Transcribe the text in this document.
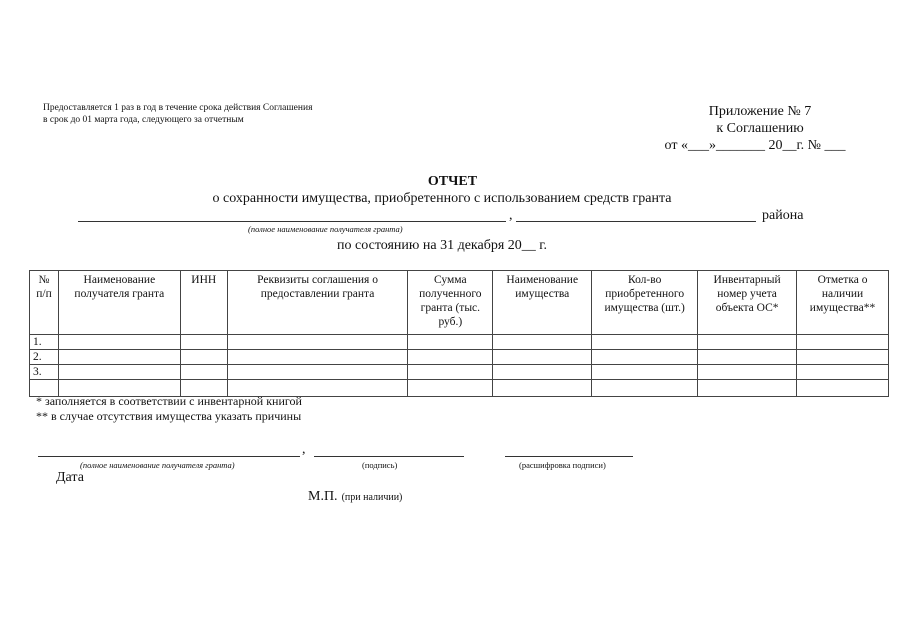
Предоставляется 1 раз в год в течение срока действия Соглашения
в срок до 01 марта года, следующего за отчетным
Приложение № 7
к Соглашению
от «___»_______ 20__г. № ___
ОТЧЕТ
о сохранности имущества, приобретенного с использованием средств гранта
,	района
(полное наименование получателя гранта)
по состоянию на 31 декабря 20__ г.
№ п/п	Наименование получателя гранта	ИНН	Реквизиты соглашения о предоставлении гранта	Сумма полученного гранта (тыс. руб.)	Наименование имущества	Кол-во приобретенного имущества (шт.)	Инвентарный номер учета объекта ОС*	Отметка о наличии имущества**
1.								
2.								
3.								

* заполняется в соответствии с инвентарной книгой
** в случае отсутствия имущества указать причины
,
(полное наименование получателя гранта)	(подпись)	(расшифровка подписи)
Дата
М.П. (при наличии)
